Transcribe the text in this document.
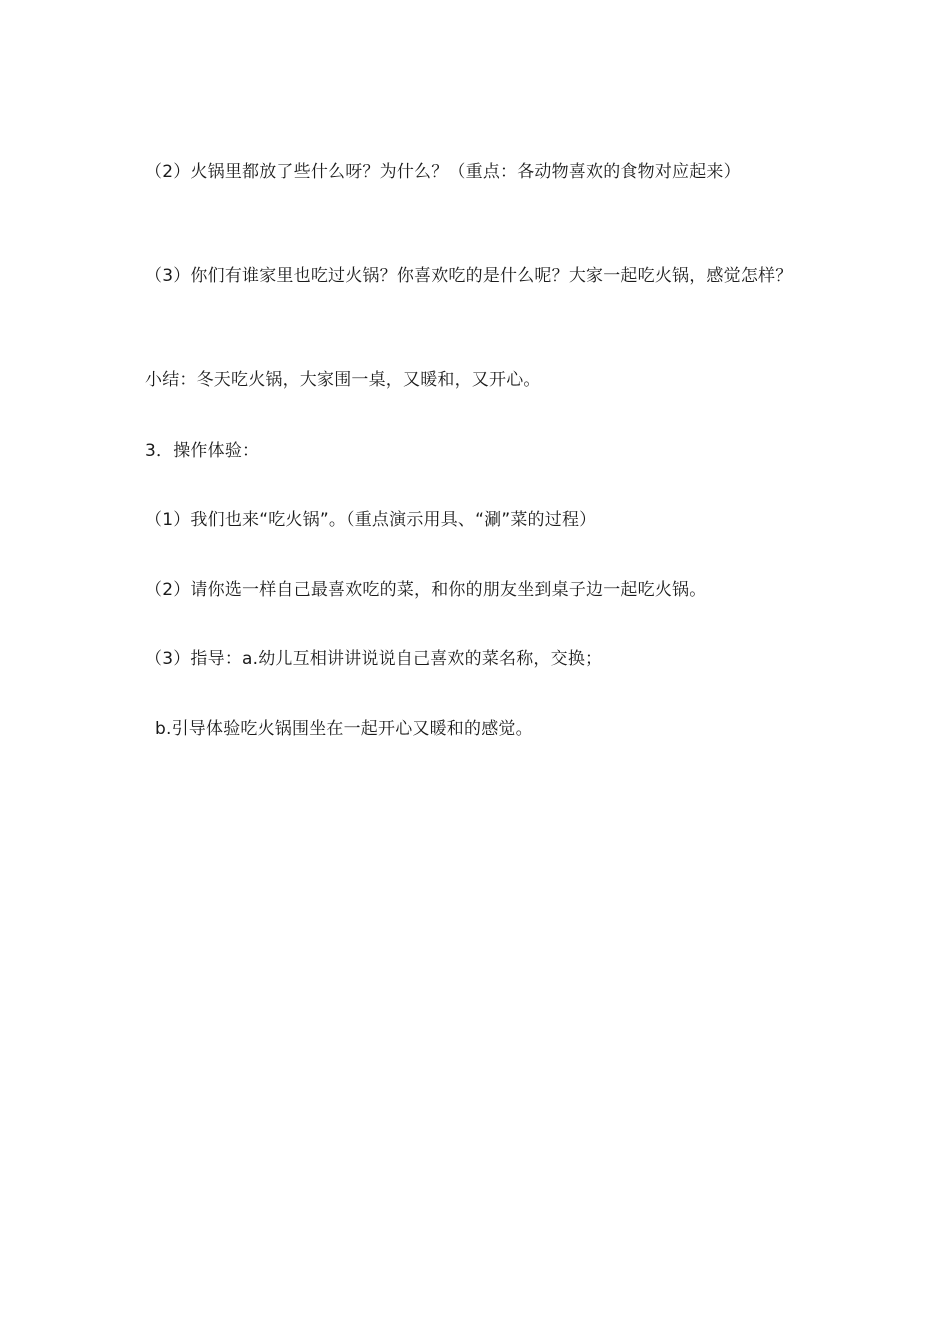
（2）火锅里都放了些什么呀？为什么？（重点：各动物喜欢的食物对应起来）

（3）你们有谁家里也吃过火锅？你喜欢吃的是什么呢？大家一起吃火锅，感觉怎样？

小结：冬天吃火锅，大家围一桌，又暖和，又开心。

3．操作体验：

（1）我们也来“吃火锅”。（重点演示用具、“涮”菜的过程）

（2）请你选一样自己最喜欢吃的菜，和你的朋友坐到桌子边一起吃火锅。

（3）指导：a.幼儿互相讲讲说说自己喜欢的菜名称，交换；

b.引导体验吃火锅围坐在一起开心又暖和的感觉。
